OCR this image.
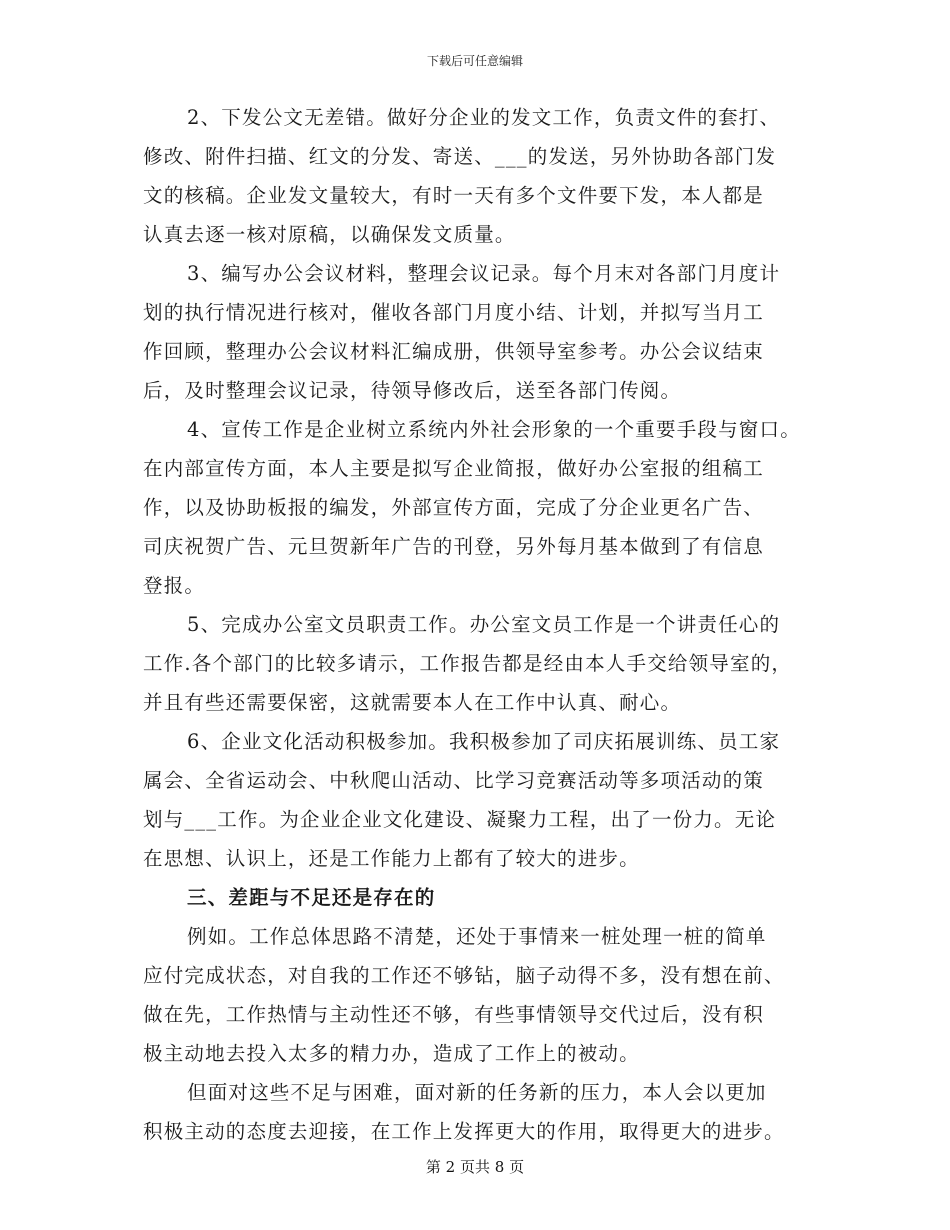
下载后可任意编辑
2、下发公文无差错。做好分企业的发文工作，负责文件的套打、
修改、附件扫描、红文的分发、寄送、___的发送，另外协助各部门发
文的核稿。企业发文量较大，有时一天有多个文件要下发，本人都是
认真去逐一核对原稿，以确保发文质量。
3、编写办公会议材料，整理会议记录。每个月末对各部门月度计
划的执行情况进行核对，催收各部门月度小结、计划，并拟写当月工
作回顾，整理办公会议材料汇编成册，供领导室参考。办公会议结束
后，及时整理会议记录，待领导修改后，送至各部门传阅。
4、宣传工作是企业树立系统内外社会形象的一个重要手段与窗口。
在内部宣传方面，本人主要是拟写企业简报，做好办公室报的组稿工
作，以及协助板报的编发，外部宣传方面，完成了分企业更名广告、
司庆祝贺广告、元旦贺新年广告的刊登，另外每月基本做到了有信息
登报。
5、完成办公室文员职责工作。办公室文员工作是一个讲责任心的
工作.各个部门的比较多请示，工作报告都是经由本人手交给领导室的，
并且有些还需要保密，这就需要本人在工作中认真、耐心。
6、企业文化活动积极参加。我积极参加了司庆拓展训练、员工家
属会、全省运动会、中秋爬山活动、比学习竞赛活动等多项活动的策
划与___工作。为企业企业文化建设、凝聚力工程，出了一份力。无论
在思想、认识上，还是工作能力上都有了较大的进步。
三、差距与不足还是存在的
例如。工作总体思路不清楚，还处于事情来一桩处理一桩的简单
应付完成状态，对自我的工作还不够钻，脑子动得不多，没有想在前、
做在先，工作热情与主动性还不够，有些事情领导交代过后，没有积
极主动地去投入太多的精力办，造成了工作上的被动。
但面对这些不足与困难，面对新的任务新的压力，本人会以更加
积极主动的态度去迎接，在工作上发挥更大的作用，取得更大的进步。
第 2 页共 8 页
